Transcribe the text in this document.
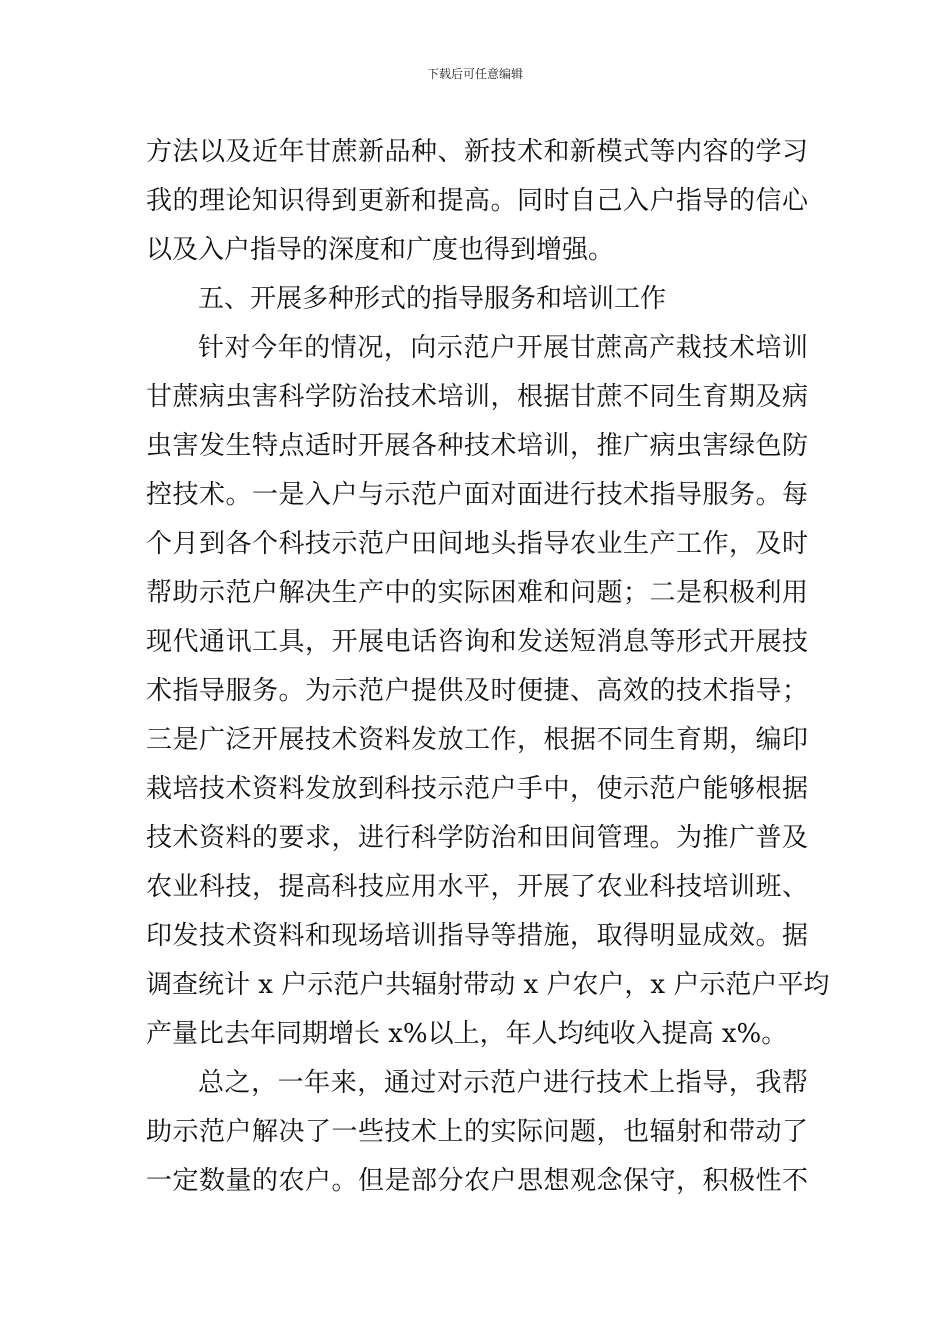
下载后可任意编辑
方法以及近年甘蔗新品种、新技术和新模式等内容的学习
我的理论知识得到更新和提高。同时自己入户指导的信心
以及入户指导的深度和广度也得到增强。
五、开展多种形式的指导服务和培训工作
针对今年的情况，向示范户开展甘蔗高产栽技术培训
甘蔗病虫害科学防治技术培训，根据甘蔗不同生育期及病
虫害发生特点适时开展各种技术培训，推广病虫害绿色防
控技术。一是入户与示范户面对面进行技术指导服务。每
个月到各个科技示范户田间地头指导农业生产工作，及时
帮助示范户解决生产中的实际困难和问题；二是积极利用
现代通讯工具，开展电话咨询和发送短消息等形式开展技
术指导服务。为示范户提供及时便捷、高效的技术指导；
三是广泛开展技术资料发放工作，根据不同生育期，编印
栽培技术资料发放到科技示范户手中，使示范户能够根据
技术资料的要求，进行科学防治和田间管理。为推广普及
农业科技，提高科技应用水平，开展了农业科技培训班、
印发技术资料和现场培训指导等措施，取得明显成效。据
调查统计 x 户示范户共辐射带动 x 户农户，x 户示范户平均
产量比去年同期增长 x%以上，年人均纯收入提高 x%。
总之，一年来，通过对示范户进行技术上指导，我帮
助示范户解决了一些技术上的实际问题，也辐射和带动了
一定数量的农户。但是部分农户思想观念保守，积极性不
